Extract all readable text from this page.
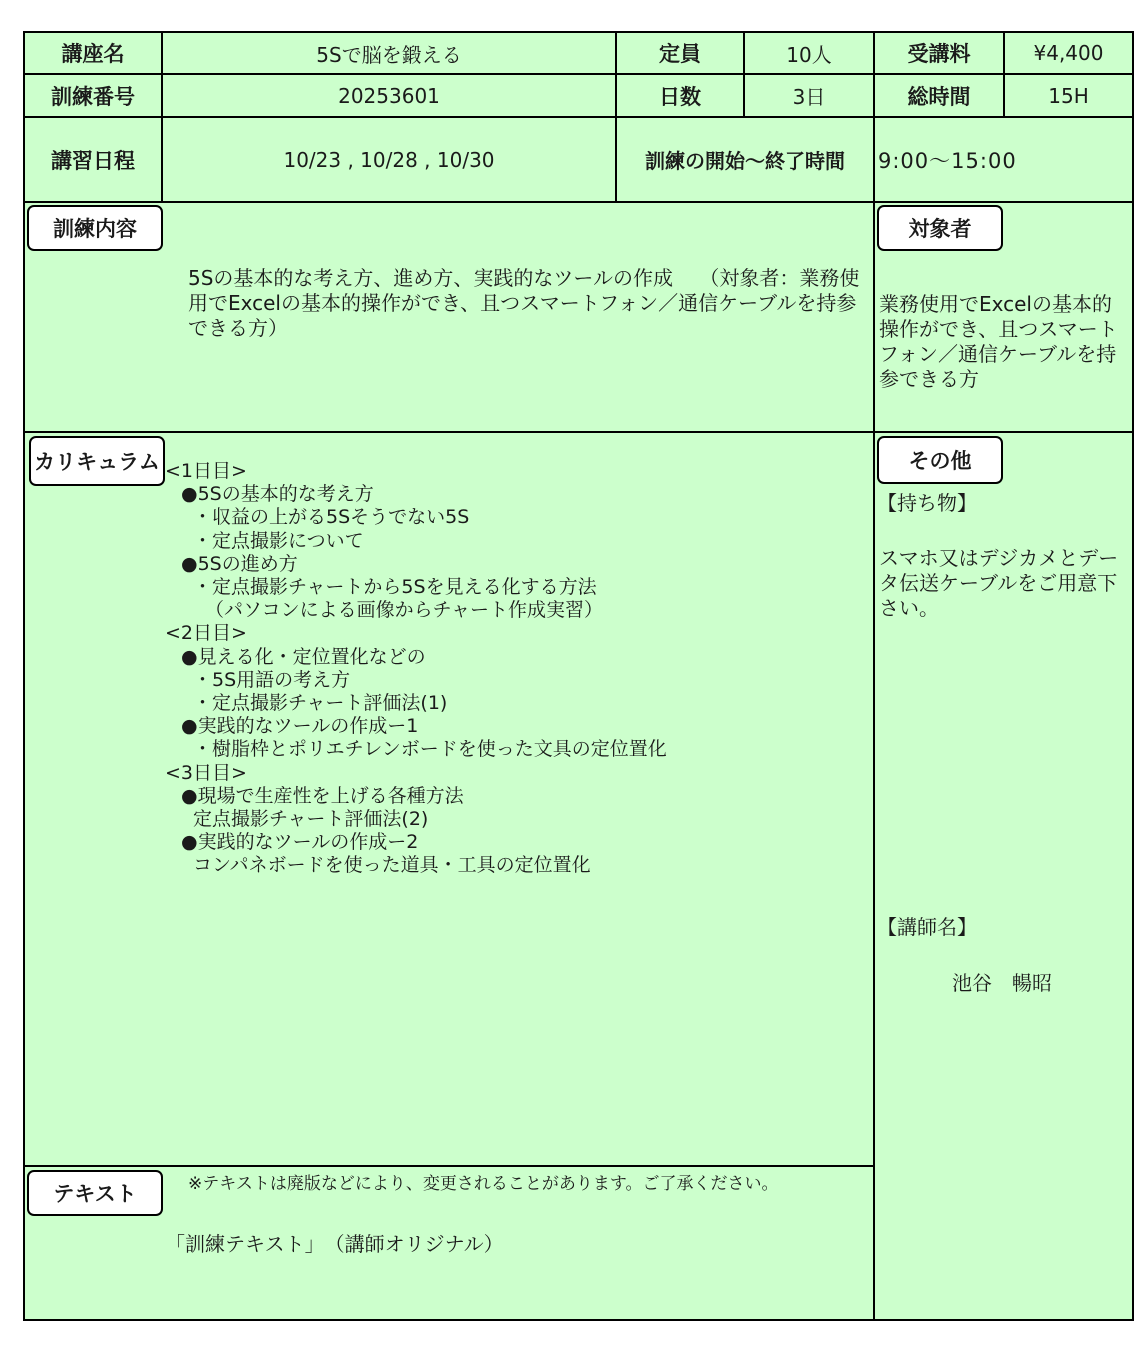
講座名	5Sで脳を鍛える	定員	10人	受講料	¥4,400
訓練番号	20253601	日数	3日	総時間	15H
講習日程	10/23 , 10/28 , 10/30	訓練の開始～終了時間	9:00～15:00
訓練内容
5Sの基本的な考え方、進め方、実践的なツールの作成　 （対象者：業務使用でExcelの基本的操作ができ、且つスマートフォン／通信ケーブルを持参できる方）
対象者
業務使用でExcelの基本的操作ができ、且つスマートフォン／通信ケーブルを持参できる方
カリキュラム <1日目>
●5Sの基本的な考え方
・収益の上がる5Sそうでない5S
・定点撮影について
●5Sの進め方
・定点撮影チャートから5Sを見える化する方法
（パソコンによる画像からチャート作成実習）
<2日目>
●見える化・定位置化などの
・5S用語の考え方
・定点撮影チャート評価法(1)
●実践的なツールの作成ー1
・樹脂枠とポリエチレンボードを使った文具の定位置化
<3日目>
●現場で生産性を上げる各種方法
定点撮影チャート評価法(2)
●実践的なツールの作成ー2
コンパネボードを使った道具・工具の定位置化
その他
【持ち物】
スマホ又はデジカメとデータ伝送ケーブルをご用意下さい。
【講師名】
池谷　暢昭
テキスト	※テキストは廃版などにより、変更されることがあります。ご了承ください。
「訓練テキスト」　（講師オリジナル）
